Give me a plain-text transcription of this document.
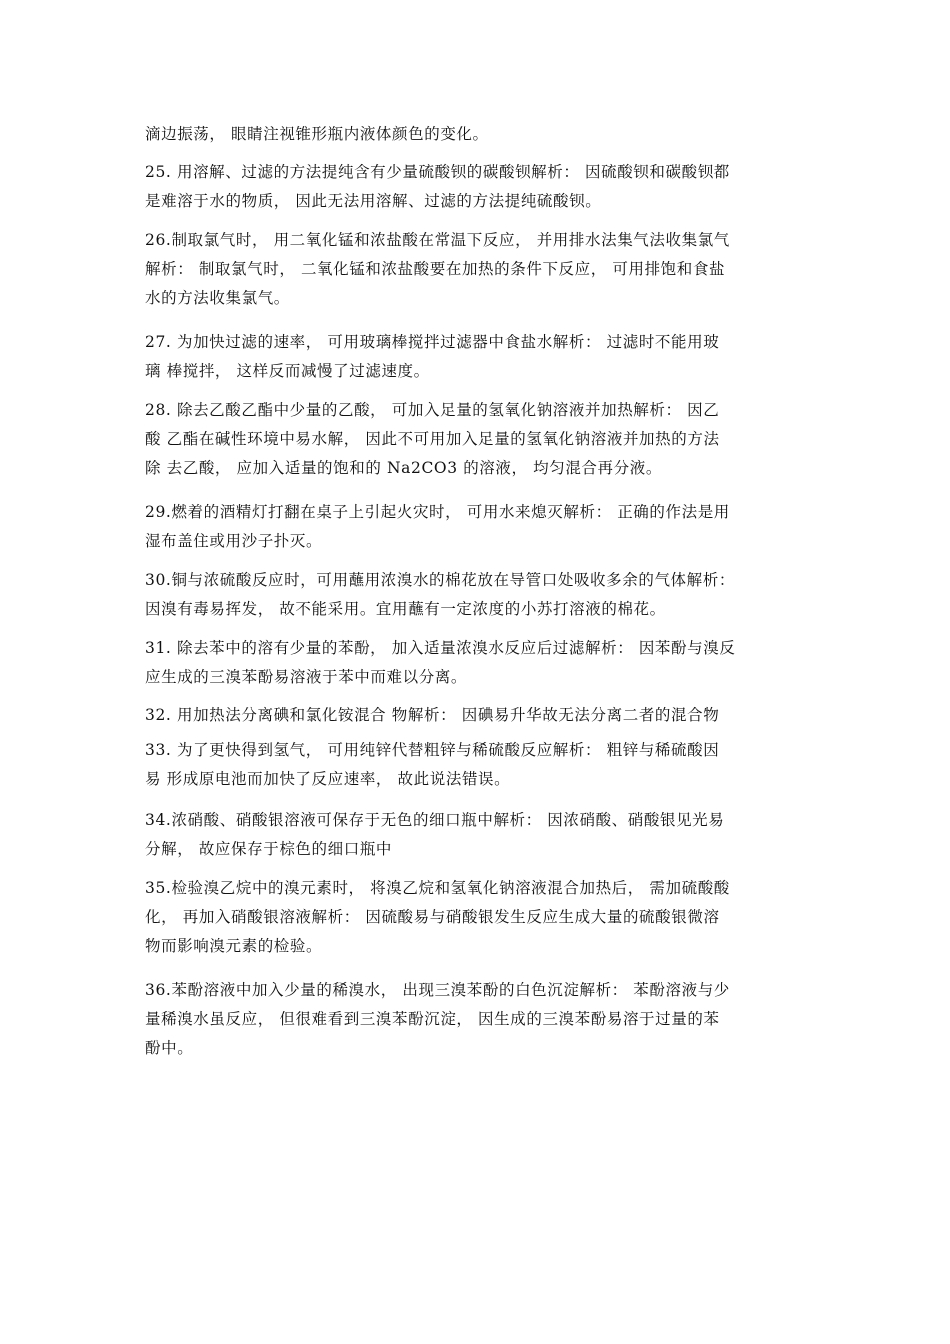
滴边振荡， 眼睛注视锥形瓶内液体颜色的变化。

25. 用溶解、过滤的方法提纯含有少量硫酸钡的碳酸钡解析： 因硫酸钡和碳酸钡都
是难溶于水的物质， 因此无法用溶解、过滤的方法提纯硫酸钡。

26.制取氯气时， 用二氧化锰和浓盐酸在常温下反应， 并用排水法集气法收集氯气
解析： 制取氯气时， 二氧化锰和浓盐酸要在加热的条件下反应， 可用排饱和食盐
水的方法收集氯气。

27. 为加快过滤的速率， 可用玻璃棒搅拌过滤器中食盐水解析： 过滤时不能用玻
璃 棒搅拌， 这样反而减慢了过滤速度。

28. 除去乙酸乙酯中少量的乙酸， 可加入足量的氢氧化钠溶液并加热解析： 因乙
酸 乙酯在碱性环境中易水解， 因此不可用加入足量的氢氧化钠溶液并加热的方法
除 去乙酸， 应加入适量的饱和的 Na2CO3 的溶液， 均匀混合再分液。

29.燃着的酒精灯打翻在桌子上引起火灾时， 可用水来熄灭解析： 正确的作法是用
湿布盖住或用沙子扑灭。

30.铜与浓硫酸反应时，可用蘸用浓溴水的棉花放在导管口处吸收多余的气体解析：
因溴有毒易挥发， 故不能采用。宜用蘸有一定浓度的小苏打溶液的棉花。

31. 除去苯中的溶有少量的苯酚， 加入适量浓溴水反应后过滤解析： 因苯酚与溴反
应生成的三溴苯酚易溶液于苯中而难以分离。

32. 用加热法分离碘和氯化铵混合 物解析： 因碘易升华故无法分离二者的混合物

33. 为了更快得到氢气， 可用纯锌代替粗锌与稀硫酸反应解析： 粗锌与稀硫酸因
易 形成原电池而加快了反应速率， 故此说法错误。

34.浓硝酸、硝酸银溶液可保存于无色的细口瓶中解析： 因浓硝酸、硝酸银见光易
分解， 故应保存于棕色的细口瓶中

35.检验溴乙烷中的溴元素时， 将溴乙烷和氢氧化钠溶液混合加热后， 需加硫酸酸
化， 再加入硝酸银溶液解析： 因硫酸易与硝酸银发生反应生成大量的硫酸银微溶
物而影响溴元素的检验。

36.苯酚溶液中加入少量的稀溴水， 出现三溴苯酚的白色沉淀解析： 苯酚溶液与少
量稀溴水虽反应， 但很难看到三溴苯酚沉淀， 因生成的三溴苯酚易溶于过量的苯
酚中。
